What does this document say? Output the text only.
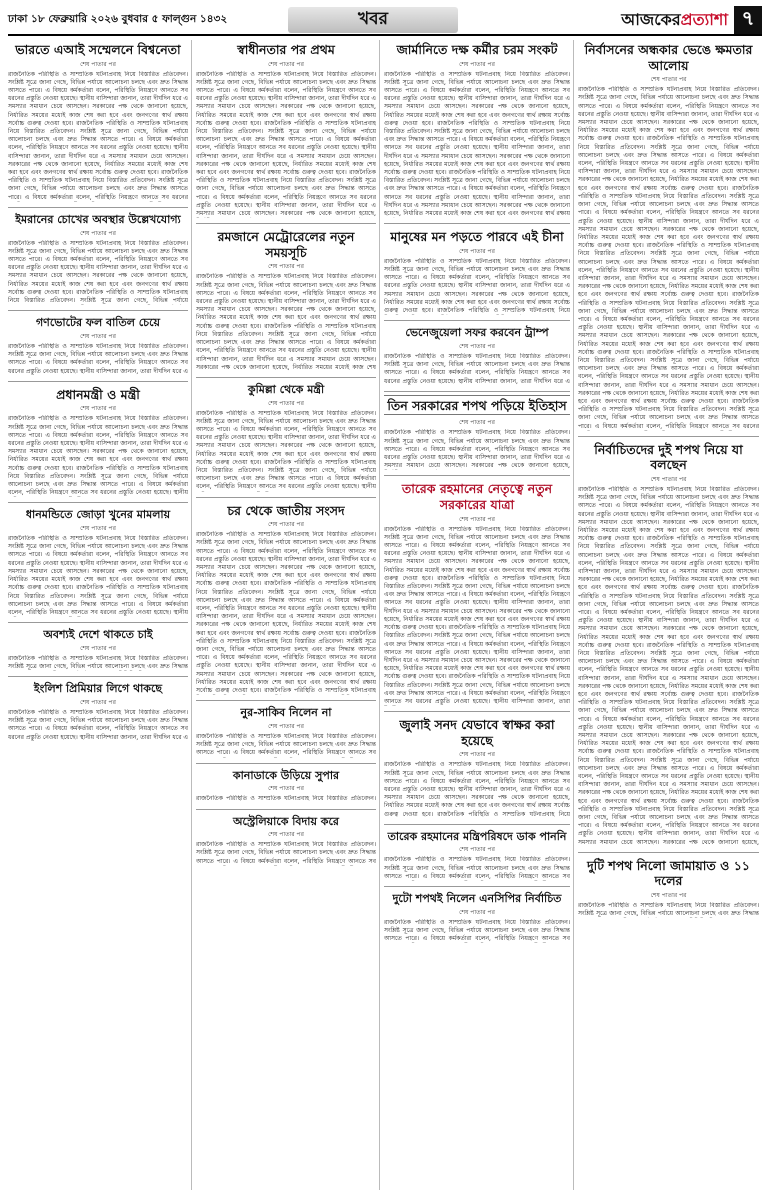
ঢাকা ১৮ ফেব্রুয়ারি ২০২৬ বুধবার ৫ ফাল্গুন ১৪৩২	খবর	আজকেরপ্রত্যাশা ৭
ভারতে এআই সম্মেলনে বিশ্বনেতা
শেষ পাতার পর
রাজনৈতিক পরিস্থিতি ও সাম্প্রতিক ঘটনাপ্রবাহ নিয়ে বিস্তারিত প্রতিবেদন। সংশ্লিষ্ট সূত্রে জানা গেছে, বিভিন্ন পর্যায়ে আলোচনা চলছে এবং দ্রুত সিদ্ধান্ত আসতে পারে। এ বিষয়ে কর্মকর্তারা বলেন, পরিস্থিতি নিয়ন্ত্রণে আনতে সব ধরনের প্রস্তুতি নেওয়া হয়েছে। স্থানীয় বাসিন্দারা জানান, তারা দীর্ঘদিন ধরে এ সমস্যার সমাধান চেয়ে আসছেন। সরকারের পক্ষ থেকে জানানো হয়েছে, নির্ধারিত সময়ের মধ্যেই কাজ শেষ করা হবে এবং জনগণের স্বার্থ রক্ষায় সর্বোচ্চ গুরুত্ব দেওয়া হবে। রাজনৈতিক পরিস্থিতি ও সাম্প্রতিক ঘটনাপ্রবাহ নিয়ে বিস্তারিত প্রতিবেদন। সংশ্লিষ্ট সূত্রে জানা গেছে, বিভিন্ন পর্যায়ে আলোচনা চলছে এবং দ্রুত সিদ্ধান্ত আসতে পারে। এ বিষয়ে কর্মকর্তারা বলেন, পরিস্থিতি নিয়ন্ত্রণে আনতে সব ধরনের প্রস্তুতি নেওয়া হয়েছে। স্থানীয় বাসিন্দারা জানান, তারা দীর্ঘদিন ধরে এ সমস্যার সমাধান চেয়ে আসছেন। সরকারের পক্ষ থেকে জানানো হয়েছে, নির্ধারিত সময়ের মধ্যেই কাজ শেষ করা হবে এবং জনগণের স্বার্থ রক্ষায় সর্বোচ্চ গুরুত্ব দেওয়া হবে। রাজনৈতিক পরিস্থিতি ও সাম্প্রতিক ঘটনাপ্রবাহ নিয়ে বিস্তারিত প্রতিবেদন। সংশ্লিষ্ট সূত্রে জানা গেছে, বিভিন্ন পর্যায়ে আলোচনা চলছে এবং দ্রুত সিদ্ধান্ত আসতে পারে। এ বিষয়ে কর্মকর্তারা বলেন, পরিস্থিতি নিয়ন্ত্রণে আনতে সব ধরনের
ইমরানের চোখের অবস্থার উল্লেখযোগ্য
শেষ পাতার পর
রাজনৈতিক পরিস্থিতি ও সাম্প্রতিক ঘটনাপ্রবাহ নিয়ে বিস্তারিত প্রতিবেদন। সংশ্লিষ্ট সূত্রে জানা গেছে, বিভিন্ন পর্যায়ে আলোচনা চলছে এবং দ্রুত সিদ্ধান্ত আসতে পারে। এ বিষয়ে কর্মকর্তারা বলেন, পরিস্থিতি নিয়ন্ত্রণে আনতে সব ধরনের প্রস্তুতি নেওয়া হয়েছে। স্থানীয় বাসিন্দারা জানান, তারা দীর্ঘদিন ধরে এ সমস্যার সমাধান চেয়ে আসছেন। সরকারের পক্ষ থেকে জানানো হয়েছে, নির্ধারিত সময়ের মধ্যেই কাজ শেষ করা হবে এবং জনগণের স্বার্থ রক্ষায় সর্বোচ্চ গুরুত্ব দেওয়া হবে। রাজনৈতিক পরিস্থিতি ও সাম্প্রতিক ঘটনাপ্রবাহ নিয়ে বিস্তারিত প্রতিবেদন। সংশ্লিষ্ট সূত্রে জানা গেছে, বিভিন্ন পর্যায়ে
গণভোটের ফল বাতিল চেয়ে
শেষ পাতার পর
রাজনৈতিক পরিস্থিতি ও সাম্প্রতিক ঘটনাপ্রবাহ নিয়ে বিস্তারিত প্রতিবেদন। সংশ্লিষ্ট সূত্রে জানা গেছে, বিভিন্ন পর্যায়ে আলোচনা চলছে এবং দ্রুত সিদ্ধান্ত আসতে পারে। এ বিষয়ে কর্মকর্তারা বলেন, পরিস্থিতি নিয়ন্ত্রণে আনতে সব ধরনের প্রস্তুতি নেওয়া হয়েছে। স্থানীয় বাসিন্দারা জানান, তারা দীর্ঘদিন ধরে এ
প্রধানমন্ত্রী ও মন্ত্রী
শেষ পাতার পর
রাজনৈতিক পরিস্থিতি ও সাম্প্রতিক ঘটনাপ্রবাহ নিয়ে বিস্তারিত প্রতিবেদন। সংশ্লিষ্ট সূত্রে জানা গেছে, বিভিন্ন পর্যায়ে আলোচনা চলছে এবং দ্রুত সিদ্ধান্ত আসতে পারে। এ বিষয়ে কর্মকর্তারা বলেন, পরিস্থিতি নিয়ন্ত্রণে আনতে সব ধরনের প্রস্তুতি নেওয়া হয়েছে। স্থানীয় বাসিন্দারা জানান, তারা দীর্ঘদিন ধরে এ সমস্যার সমাধান চেয়ে আসছেন। সরকারের পক্ষ থেকে জানানো হয়েছে, নির্ধারিত সময়ের মধ্যেই কাজ শেষ করা হবে এবং জনগণের স্বার্থ রক্ষায় সর্বোচ্চ গুরুত্ব দেওয়া হবে। রাজনৈতিক পরিস্থিতি ও সাম্প্রতিক ঘটনাপ্রবাহ নিয়ে বিস্তারিত প্রতিবেদন। সংশ্লিষ্ট সূত্রে জানা গেছে, বিভিন্ন পর্যায়ে আলোচনা চলছে এবং দ্রুত সিদ্ধান্ত আসতে পারে। এ বিষয়ে কর্মকর্তারা বলেন, পরিস্থিতি নিয়ন্ত্রণে আনতে সব ধরনের প্রস্তুতি নেওয়া হয়েছে। স্থানীয়
ধানমন্ডিতে জোড়া খুনের মামলায়
শেষ পাতার পর
রাজনৈতিক পরিস্থিতি ও সাম্প্রতিক ঘটনাপ্রবাহ নিয়ে বিস্তারিত প্রতিবেদন। সংশ্লিষ্ট সূত্রে জানা গেছে, বিভিন্ন পর্যায়ে আলোচনা চলছে এবং দ্রুত সিদ্ধান্ত আসতে পারে। এ বিষয়ে কর্মকর্তারা বলেন, পরিস্থিতি নিয়ন্ত্রণে আনতে সব ধরনের প্রস্তুতি নেওয়া হয়েছে। স্থানীয় বাসিন্দারা জানান, তারা দীর্ঘদিন ধরে এ সমস্যার সমাধান চেয়ে আসছেন। সরকারের পক্ষ থেকে জানানো হয়েছে, নির্ধারিত সময়ের মধ্যেই কাজ শেষ করা হবে এবং জনগণের স্বার্থ রক্ষায় সর্বোচ্চ গুরুত্ব দেওয়া হবে। রাজনৈতিক পরিস্থিতি ও সাম্প্রতিক ঘটনাপ্রবাহ নিয়ে বিস্তারিত প্রতিবেদন। সংশ্লিষ্ট সূত্রে জানা গেছে, বিভিন্ন পর্যায়ে আলোচনা চলছে এবং দ্রুত সিদ্ধান্ত আসতে পারে। এ বিষয়ে কর্মকর্তারা বলেন, পরিস্থিতি নিয়ন্ত্রণে আনতে সব ধরনের প্রস্তুতি নেওয়া হয়েছে। স্থানীয়
অবশ্যই দেশে থাকতে চাই
শেষ পাতার পর
রাজনৈতিক পরিস্থিতি ও সাম্প্রতিক ঘটনাপ্রবাহ নিয়ে বিস্তারিত প্রতিবেদন। সংশ্লিষ্ট সূত্রে জানা গেছে, বিভিন্ন পর্যায়ে আলোচনা চলছে এবং দ্রুত সিদ্ধান্ত
ইংলিশ প্রিমিয়ার লিগে থাকছে
শেষ পাতার পর
রাজনৈতিক পরিস্থিতি ও সাম্প্রতিক ঘটনাপ্রবাহ নিয়ে বিস্তারিত প্রতিবেদন। সংশ্লিষ্ট সূত্রে জানা গেছে, বিভিন্ন পর্যায়ে আলোচনা চলছে এবং দ্রুত সিদ্ধান্ত আসতে পারে। এ বিষয়ে কর্মকর্তারা বলেন, পরিস্থিতি নিয়ন্ত্রণে আনতে সব ধরনের প্রস্তুতি নেওয়া হয়েছে। স্থানীয় বাসিন্দারা জানান, তারা দীর্ঘদিন ধরে এ
স্বাধীনতার পর প্রথম
শেষ পাতার পর
রাজনৈতিক পরিস্থিতি ও সাম্প্রতিক ঘটনাপ্রবাহ নিয়ে বিস্তারিত প্রতিবেদন। সংশ্লিষ্ট সূত্রে জানা গেছে, বিভিন্ন পর্যায়ে আলোচনা চলছে এবং দ্রুত সিদ্ধান্ত আসতে পারে। এ বিষয়ে কর্মকর্তারা বলেন, পরিস্থিতি নিয়ন্ত্রণে আনতে সব ধরনের প্রস্তুতি নেওয়া হয়েছে। স্থানীয় বাসিন্দারা জানান, তারা দীর্ঘদিন ধরে এ সমস্যার সমাধান চেয়ে আসছেন। সরকারের পক্ষ থেকে জানানো হয়েছে, নির্ধারিত সময়ের মধ্যেই কাজ শেষ করা হবে এবং জনগণের স্বার্থ রক্ষায় সর্বোচ্চ গুরুত্ব দেওয়া হবে। রাজনৈতিক পরিস্থিতি ও সাম্প্রতিক ঘটনাপ্রবাহ নিয়ে বিস্তারিত প্রতিবেদন। সংশ্লিষ্ট সূত্রে জানা গেছে, বিভিন্ন পর্যায়ে আলোচনা চলছে এবং দ্রুত সিদ্ধান্ত আসতে পারে। এ বিষয়ে কর্মকর্তারা বলেন, পরিস্থিতি নিয়ন্ত্রণে আনতে সব ধরনের প্রস্তুতি নেওয়া হয়েছে। স্থানীয় বাসিন্দারা জানান, তারা দীর্ঘদিন ধরে এ সমস্যার সমাধান চেয়ে আসছেন। সরকারের পক্ষ থেকে জানানো হয়েছে, নির্ধারিত সময়ের মধ্যেই কাজ শেষ করা হবে এবং জনগণের স্বার্থ রক্ষায় সর্বোচ্চ গুরুত্ব দেওয়া হবে। রাজনৈতিক পরিস্থিতি ও সাম্প্রতিক ঘটনাপ্রবাহ নিয়ে বিস্তারিত প্রতিবেদন। সংশ্লিষ্ট সূত্রে জানা গেছে, বিভিন্ন পর্যায়ে আলোচনা চলছে এবং দ্রুত সিদ্ধান্ত আসতে পারে। এ বিষয়ে কর্মকর্তারা বলেন, পরিস্থিতি নিয়ন্ত্রণে আনতে সব ধরনের প্রস্তুতি নেওয়া হয়েছে। স্থানীয় বাসিন্দারা জানান, তারা দীর্ঘদিন ধরে এ সমস্যার সমাধান চেয়ে আসছেন। সরকারের পক্ষ থেকে জানানো হয়েছে,
রমজানে মেট্রোরেলের নতুন সময়সূচি
শেষ পাতার পর
রাজনৈতিক পরিস্থিতি ও সাম্প্রতিক ঘটনাপ্রবাহ নিয়ে বিস্তারিত প্রতিবেদন। সংশ্লিষ্ট সূত্রে জানা গেছে, বিভিন্ন পর্যায়ে আলোচনা চলছে এবং দ্রুত সিদ্ধান্ত আসতে পারে। এ বিষয়ে কর্মকর্তারা বলেন, পরিস্থিতি নিয়ন্ত্রণে আনতে সব ধরনের প্রস্তুতি নেওয়া হয়েছে। স্থানীয় বাসিন্দারা জানান, তারা দীর্ঘদিন ধরে এ সমস্যার সমাধান চেয়ে আসছেন। সরকারের পক্ষ থেকে জানানো হয়েছে, নির্ধারিত সময়ের মধ্যেই কাজ শেষ করা হবে এবং জনগণের স্বার্থ রক্ষায় সর্বোচ্চ গুরুত্ব দেওয়া হবে। রাজনৈতিক পরিস্থিতি ও সাম্প্রতিক ঘটনাপ্রবাহ নিয়ে বিস্তারিত প্রতিবেদন। সংশ্লিষ্ট সূত্রে জানা গেছে, বিভিন্ন পর্যায়ে আলোচনা চলছে এবং দ্রুত সিদ্ধান্ত আসতে পারে। এ বিষয়ে কর্মকর্তারা বলেন, পরিস্থিতি নিয়ন্ত্রণে আনতে সব ধরনের প্রস্তুতি নেওয়া হয়েছে। স্থানীয় বাসিন্দারা জানান, তারা দীর্ঘদিন ধরে এ সমস্যার সমাধান চেয়ে আসছেন। সরকারের পক্ষ থেকে জানানো হয়েছে, নির্ধারিত সময়ের মধ্যেই কাজ শেষ
কুমিল্লা থেকে মন্ত্রী
শেষ পাতার পর
রাজনৈতিক পরিস্থিতি ও সাম্প্রতিক ঘটনাপ্রবাহ নিয়ে বিস্তারিত প্রতিবেদন। সংশ্লিষ্ট সূত্রে জানা গেছে, বিভিন্ন পর্যায়ে আলোচনা চলছে এবং দ্রুত সিদ্ধান্ত আসতে পারে। এ বিষয়ে কর্মকর্তারা বলেন, পরিস্থিতি নিয়ন্ত্রণে আনতে সব ধরনের প্রস্তুতি নেওয়া হয়েছে। স্থানীয় বাসিন্দারা জানান, তারা দীর্ঘদিন ধরে এ সমস্যার সমাধান চেয়ে আসছেন। সরকারের পক্ষ থেকে জানানো হয়েছে, নির্ধারিত সময়ের মধ্যেই কাজ শেষ করা হবে এবং জনগণের স্বার্থ রক্ষায় সর্বোচ্চ গুরুত্ব দেওয়া হবে। রাজনৈতিক পরিস্থিতি ও সাম্প্রতিক ঘটনাপ্রবাহ নিয়ে বিস্তারিত প্রতিবেদন। সংশ্লিষ্ট সূত্রে জানা গেছে, বিভিন্ন পর্যায়ে আলোচনা চলছে এবং দ্রুত সিদ্ধান্ত আসতে পারে। এ বিষয়ে কর্মকর্তারা বলেন, পরিস্থিতি নিয়ন্ত্রণে আনতে সব ধরনের প্রস্তুতি নেওয়া হয়েছে। স্থানীয়
চর থেকে জাতীয় সংসদ
শেষ পাতার পর
রাজনৈতিক পরিস্থিতি ও সাম্প্রতিক ঘটনাপ্রবাহ নিয়ে বিস্তারিত প্রতিবেদন। সংশ্লিষ্ট সূত্রে জানা গেছে, বিভিন্ন পর্যায়ে আলোচনা চলছে এবং দ্রুত সিদ্ধান্ত আসতে পারে। এ বিষয়ে কর্মকর্তারা বলেন, পরিস্থিতি নিয়ন্ত্রণে আনতে সব ধরনের প্রস্তুতি নেওয়া হয়েছে। স্থানীয় বাসিন্দারা জানান, তারা দীর্ঘদিন ধরে এ সমস্যার সমাধান চেয়ে আসছেন। সরকারের পক্ষ থেকে জানানো হয়েছে, নির্ধারিত সময়ের মধ্যেই কাজ শেষ করা হবে এবং জনগণের স্বার্থ রক্ষায় সর্বোচ্চ গুরুত্ব দেওয়া হবে। রাজনৈতিক পরিস্থিতি ও সাম্প্রতিক ঘটনাপ্রবাহ নিয়ে বিস্তারিত প্রতিবেদন। সংশ্লিষ্ট সূত্রে জানা গেছে, বিভিন্ন পর্যায়ে আলোচনা চলছে এবং দ্রুত সিদ্ধান্ত আসতে পারে। এ বিষয়ে কর্মকর্তারা বলেন, পরিস্থিতি নিয়ন্ত্রণে আনতে সব ধরনের প্রস্তুতি নেওয়া হয়েছে। স্থানীয় বাসিন্দারা জানান, তারা দীর্ঘদিন ধরে এ সমস্যার সমাধান চেয়ে আসছেন। সরকারের পক্ষ থেকে জানানো হয়েছে, নির্ধারিত সময়ের মধ্যেই কাজ শেষ করা হবে এবং জনগণের স্বার্থ রক্ষায় সর্বোচ্চ গুরুত্ব দেওয়া হবে। রাজনৈতিক পরিস্থিতি ও সাম্প্রতিক ঘটনাপ্রবাহ নিয়ে বিস্তারিত প্রতিবেদন। সংশ্লিষ্ট সূত্রে জানা গেছে, বিভিন্ন পর্যায়ে আলোচনা চলছে এবং দ্রুত সিদ্ধান্ত আসতে পারে। এ বিষয়ে কর্মকর্তারা বলেন, পরিস্থিতি নিয়ন্ত্রণে আনতে সব ধরনের প্রস্তুতি নেওয়া হয়েছে। স্থানীয় বাসিন্দারা জানান, তারা দীর্ঘদিন ধরে এ সমস্যার সমাধান চেয়ে আসছেন। সরকারের পক্ষ থেকে জানানো হয়েছে, নির্ধারিত সময়ের মধ্যেই কাজ শেষ করা হবে এবং জনগণের স্বার্থ রক্ষায় সর্বোচ্চ গুরুত্ব দেওয়া হবে। রাজনৈতিক পরিস্থিতি ও সাম্প্রতিক ঘটনাপ্রবাহ
নুর-সাকিব নিলেন না
শেষ পাতার পর
রাজনৈতিক পরিস্থিতি ও সাম্প্রতিক ঘটনাপ্রবাহ নিয়ে বিস্তারিত প্রতিবেদন। সংশ্লিষ্ট সূত্রে জানা গেছে, বিভিন্ন পর্যায়ে আলোচনা চলছে এবং দ্রুত সিদ্ধান্ত আসতে পারে। এ বিষয়ে কর্মকর্তারা বলেন, পরিস্থিতি নিয়ন্ত্রণে আনতে সব
কানাডাকে উড়িয়ে সুপার
শেষ পাতার পর
রাজনৈতিক পরিস্থিতি ও সাম্প্রতিক ঘটনাপ্রবাহ নিয়ে বিস্তারিত প্রতিবেদন।
অস্ট্রেলিয়াকে বিদায় করে
শেষ পাতার পর
রাজনৈতিক পরিস্থিতি ও সাম্প্রতিক ঘটনাপ্রবাহ নিয়ে বিস্তারিত প্রতিবেদন। সংশ্লিষ্ট সূত্রে জানা গেছে, বিভিন্ন পর্যায়ে আলোচনা চলছে এবং দ্রুত সিদ্ধান্ত আসতে পারে। এ বিষয়ে কর্মকর্তারা বলেন, পরিস্থিতি নিয়ন্ত্রণে আনতে সব
জার্মানিতে দক্ষ কর্মীর চরম সংকট
শেষ পাতার পর
রাজনৈতিক পরিস্থিতি ও সাম্প্রতিক ঘটনাপ্রবাহ নিয়ে বিস্তারিত প্রতিবেদন। সংশ্লিষ্ট সূত্রে জানা গেছে, বিভিন্ন পর্যায়ে আলোচনা চলছে এবং দ্রুত সিদ্ধান্ত আসতে পারে। এ বিষয়ে কর্মকর্তারা বলেন, পরিস্থিতি নিয়ন্ত্রণে আনতে সব ধরনের প্রস্তুতি নেওয়া হয়েছে। স্থানীয় বাসিন্দারা জানান, তারা দীর্ঘদিন ধরে এ সমস্যার সমাধান চেয়ে আসছেন। সরকারের পক্ষ থেকে জানানো হয়েছে, নির্ধারিত সময়ের মধ্যেই কাজ শেষ করা হবে এবং জনগণের স্বার্থ রক্ষায় সর্বোচ্চ গুরুত্ব দেওয়া হবে। রাজনৈতিক পরিস্থিতি ও সাম্প্রতিক ঘটনাপ্রবাহ নিয়ে বিস্তারিত প্রতিবেদন। সংশ্লিষ্ট সূত্রে জানা গেছে, বিভিন্ন পর্যায়ে আলোচনা চলছে এবং দ্রুত সিদ্ধান্ত আসতে পারে। এ বিষয়ে কর্মকর্তারা বলেন, পরিস্থিতি নিয়ন্ত্রণে আনতে সব ধরনের প্রস্তুতি নেওয়া হয়েছে। স্থানীয় বাসিন্দারা জানান, তারা দীর্ঘদিন ধরে এ সমস্যার সমাধান চেয়ে আসছেন। সরকারের পক্ষ থেকে জানানো হয়েছে, নির্ধারিত সময়ের মধ্যেই কাজ শেষ করা হবে এবং জনগণের স্বার্থ রক্ষায় সর্বোচ্চ গুরুত্ব দেওয়া হবে। রাজনৈতিক পরিস্থিতি ও সাম্প্রতিক ঘটনাপ্রবাহ নিয়ে বিস্তারিত প্রতিবেদন। সংশ্লিষ্ট সূত্রে জানা গেছে, বিভিন্ন পর্যায়ে আলোচনা চলছে এবং দ্রুত সিদ্ধান্ত আসতে পারে। এ বিষয়ে কর্মকর্তারা বলেন, পরিস্থিতি নিয়ন্ত্রণে আনতে সব ধরনের প্রস্তুতি নেওয়া হয়েছে। স্থানীয় বাসিন্দারা জানান, তারা দীর্ঘদিন ধরে এ সমস্যার সমাধান চেয়ে আসছেন। সরকারের পক্ষ থেকে জানানো হয়েছে, নির্ধারিত সময়ের মধ্যেই কাজ শেষ করা হবে এবং জনগণের স্বার্থ রক্ষায়
মানুষের মন পড়তে পারবে এই চীনা
শেষ পাতার পর
রাজনৈতিক পরিস্থিতি ও সাম্প্রতিক ঘটনাপ্রবাহ নিয়ে বিস্তারিত প্রতিবেদন। সংশ্লিষ্ট সূত্রে জানা গেছে, বিভিন্ন পর্যায়ে আলোচনা চলছে এবং দ্রুত সিদ্ধান্ত আসতে পারে। এ বিষয়ে কর্মকর্তারা বলেন, পরিস্থিতি নিয়ন্ত্রণে আনতে সব ধরনের প্রস্তুতি নেওয়া হয়েছে। স্থানীয় বাসিন্দারা জানান, তারা দীর্ঘদিন ধরে এ সমস্যার সমাধান চেয়ে আসছেন। সরকারের পক্ষ থেকে জানানো হয়েছে, নির্ধারিত সময়ের মধ্যেই কাজ শেষ করা হবে এবং জনগণের স্বার্থ রক্ষায় সর্বোচ্চ গুরুত্ব দেওয়া হবে। রাজনৈতিক পরিস্থিতি ও সাম্প্রতিক ঘটনাপ্রবাহ নিয়ে
ভেনেজুয়েলা সফর করবেন ট্রাম্প
শেষ পাতার পর
রাজনৈতিক পরিস্থিতি ও সাম্প্রতিক ঘটনাপ্রবাহ নিয়ে বিস্তারিত প্রতিবেদন। সংশ্লিষ্ট সূত্রে জানা গেছে, বিভিন্ন পর্যায়ে আলোচনা চলছে এবং দ্রুত সিদ্ধান্ত আসতে পারে। এ বিষয়ে কর্মকর্তারা বলেন, পরিস্থিতি নিয়ন্ত্রণে আনতে সব ধরনের প্রস্তুতি নেওয়া হয়েছে। স্থানীয় বাসিন্দারা জানান, তারা দীর্ঘদিন ধরে এ
তিন সরকারের শপথ পড়িয়ে ইতিহাস
শেষ পাতার পর
রাজনৈতিক পরিস্থিতি ও সাম্প্রতিক ঘটনাপ্রবাহ নিয়ে বিস্তারিত প্রতিবেদন। সংশ্লিষ্ট সূত্রে জানা গেছে, বিভিন্ন পর্যায়ে আলোচনা চলছে এবং দ্রুত সিদ্ধান্ত আসতে পারে। এ বিষয়ে কর্মকর্তারা বলেন, পরিস্থিতি নিয়ন্ত্রণে আনতে সব ধরনের প্রস্তুতি নেওয়া হয়েছে। স্থানীয় বাসিন্দারা জানান, তারা দীর্ঘদিন ধরে এ সমস্যার সমাধান চেয়ে আসছেন। সরকারের পক্ষ থেকে জানানো হয়েছে,
তারেক রহমানের নেতৃত্বে নতুন সরকারের যাত্রা
শেষ পাতার পর
রাজনৈতিক পরিস্থিতি ও সাম্প্রতিক ঘটনাপ্রবাহ নিয়ে বিস্তারিত প্রতিবেদন। সংশ্লিষ্ট সূত্রে জানা গেছে, বিভিন্ন পর্যায়ে আলোচনা চলছে এবং দ্রুত সিদ্ধান্ত আসতে পারে। এ বিষয়ে কর্মকর্তারা বলেন, পরিস্থিতি নিয়ন্ত্রণে আনতে সব ধরনের প্রস্তুতি নেওয়া হয়েছে। স্থানীয় বাসিন্দারা জানান, তারা দীর্ঘদিন ধরে এ সমস্যার সমাধান চেয়ে আসছেন। সরকারের পক্ষ থেকে জানানো হয়েছে, নির্ধারিত সময়ের মধ্যেই কাজ শেষ করা হবে এবং জনগণের স্বার্থ রক্ষায় সর্বোচ্চ গুরুত্ব দেওয়া হবে। রাজনৈতিক পরিস্থিতি ও সাম্প্রতিক ঘটনাপ্রবাহ নিয়ে বিস্তারিত প্রতিবেদন। সংশ্লিষ্ট সূত্রে জানা গেছে, বিভিন্ন পর্যায়ে আলোচনা চলছে এবং দ্রুত সিদ্ধান্ত আসতে পারে। এ বিষয়ে কর্মকর্তারা বলেন, পরিস্থিতি নিয়ন্ত্রণে আনতে সব ধরনের প্রস্তুতি নেওয়া হয়েছে। স্থানীয় বাসিন্দারা জানান, তারা দীর্ঘদিন ধরে এ সমস্যার সমাধান চেয়ে আসছেন। সরকারের পক্ষ থেকে জানানো হয়েছে, নির্ধারিত সময়ের মধ্যেই কাজ শেষ করা হবে এবং জনগণের স্বার্থ রক্ষায় সর্বোচ্চ গুরুত্ব দেওয়া হবে। রাজনৈতিক পরিস্থিতি ও সাম্প্রতিক ঘটনাপ্রবাহ নিয়ে বিস্তারিত প্রতিবেদন। সংশ্লিষ্ট সূত্রে জানা গেছে, বিভিন্ন পর্যায়ে আলোচনা চলছে এবং দ্রুত সিদ্ধান্ত আসতে পারে। এ বিষয়ে কর্মকর্তারা বলেন, পরিস্থিতি নিয়ন্ত্রণে আনতে সব ধরনের প্রস্তুতি নেওয়া হয়েছে। স্থানীয় বাসিন্দারা জানান, তারা দীর্ঘদিন ধরে এ সমস্যার সমাধান চেয়ে আসছেন। সরকারের পক্ষ থেকে জানানো হয়েছে, নির্ধারিত সময়ের মধ্যেই কাজ শেষ করা হবে এবং জনগণের স্বার্থ রক্ষায় সর্বোচ্চ গুরুত্ব দেওয়া হবে। রাজনৈতিক পরিস্থিতি ও সাম্প্রতিক ঘটনাপ্রবাহ নিয়ে বিস্তারিত প্রতিবেদন। সংশ্লিষ্ট সূত্রে জানা গেছে, বিভিন্ন পর্যায়ে আলোচনা চলছে এবং দ্রুত সিদ্ধান্ত আসতে পারে। এ বিষয়ে কর্মকর্তারা বলেন, পরিস্থিতি নিয়ন্ত্রণে আনতে সব ধরনের প্রস্তুতি নেওয়া হয়েছে। স্থানীয় বাসিন্দারা জানান, তারা
জুলাই সনদ যেভাবে স্বাক্ষর করা হয়েছে
শেষ পাতার পর
রাজনৈতিক পরিস্থিতি ও সাম্প্রতিক ঘটনাপ্রবাহ নিয়ে বিস্তারিত প্রতিবেদন। সংশ্লিষ্ট সূত্রে জানা গেছে, বিভিন্ন পর্যায়ে আলোচনা চলছে এবং দ্রুত সিদ্ধান্ত আসতে পারে। এ বিষয়ে কর্মকর্তারা বলেন, পরিস্থিতি নিয়ন্ত্রণে আনতে সব ধরনের প্রস্তুতি নেওয়া হয়েছে। স্থানীয় বাসিন্দারা জানান, তারা দীর্ঘদিন ধরে এ সমস্যার সমাধান চেয়ে আসছেন। সরকারের পক্ষ থেকে জানানো হয়েছে, নির্ধারিত সময়ের মধ্যেই কাজ শেষ করা হবে এবং জনগণের স্বার্থ রক্ষায় সর্বোচ্চ গুরুত্ব দেওয়া হবে। রাজনৈতিক পরিস্থিতি ও সাম্প্রতিক ঘটনাপ্রবাহ নিয়ে
তারেক রহমানের মন্ত্রিপরিষদে ডাক পাননি
শেষ পাতার পর
রাজনৈতিক পরিস্থিতি ও সাম্প্রতিক ঘটনাপ্রবাহ নিয়ে বিস্তারিত প্রতিবেদন। সংশ্লিষ্ট সূত্রে জানা গেছে, বিভিন্ন পর্যায়ে আলোচনা চলছে এবং দ্রুত সিদ্ধান্ত আসতে পারে। এ বিষয়ে কর্মকর্তারা বলেন, পরিস্থিতি নিয়ন্ত্রণে আনতে সব
দুটো শপথই নিলেন এনসিপির নির্বাচিত
শেষ পাতার পর
রাজনৈতিক পরিস্থিতি ও সাম্প্রতিক ঘটনাপ্রবাহ নিয়ে বিস্তারিত প্রতিবেদন। সংশ্লিষ্ট সূত্রে জানা গেছে, বিভিন্ন পর্যায়ে আলোচনা চলছে এবং দ্রুত সিদ্ধান্ত আসতে পারে। এ বিষয়ে কর্মকর্তারা বলেন, পরিস্থিতি নিয়ন্ত্রণে আনতে সব
নির্বাসনের অন্ধকার ভেঙে ক্ষমতার আলোয়
শেষ পাতার পর
রাজনৈতিক পরিস্থিতি ও সাম্প্রতিক ঘটনাপ্রবাহ নিয়ে বিস্তারিত প্রতিবেদন। সংশ্লিষ্ট সূত্রে জানা গেছে, বিভিন্ন পর্যায়ে আলোচনা চলছে এবং দ্রুত সিদ্ধান্ত আসতে পারে। এ বিষয়ে কর্মকর্তারা বলেন, পরিস্থিতি নিয়ন্ত্রণে আনতে সব ধরনের প্রস্তুতি নেওয়া হয়েছে। স্থানীয় বাসিন্দারা জানান, তারা দীর্ঘদিন ধরে এ সমস্যার সমাধান চেয়ে আসছেন। সরকারের পক্ষ থেকে জানানো হয়েছে, নির্ধারিত সময়ের মধ্যেই কাজ শেষ করা হবে এবং জনগণের স্বার্থ রক্ষায় সর্বোচ্চ গুরুত্ব দেওয়া হবে। রাজনৈতিক পরিস্থিতি ও সাম্প্রতিক ঘটনাপ্রবাহ নিয়ে বিস্তারিত প্রতিবেদন। সংশ্লিষ্ট সূত্রে জানা গেছে, বিভিন্ন পর্যায়ে আলোচনা চলছে এবং দ্রুত সিদ্ধান্ত আসতে পারে। এ বিষয়ে কর্মকর্তারা বলেন, পরিস্থিতি নিয়ন্ত্রণে আনতে সব ধরনের প্রস্তুতি নেওয়া হয়েছে। স্থানীয় বাসিন্দারা জানান, তারা দীর্ঘদিন ধরে এ সমস্যার সমাধান চেয়ে আসছেন। সরকারের পক্ষ থেকে জানানো হয়েছে, নির্ধারিত সময়ের মধ্যেই কাজ শেষ করা হবে এবং জনগণের স্বার্থ রক্ষায় সর্বোচ্চ গুরুত্ব দেওয়া হবে। রাজনৈতিক পরিস্থিতি ও সাম্প্রতিক ঘটনাপ্রবাহ নিয়ে বিস্তারিত প্রতিবেদন। সংশ্লিষ্ট সূত্রে জানা গেছে, বিভিন্ন পর্যায়ে আলোচনা চলছে এবং দ্রুত সিদ্ধান্ত আসতে পারে। এ বিষয়ে কর্মকর্তারা বলেন, পরিস্থিতি নিয়ন্ত্রণে আনতে সব ধরনের প্রস্তুতি নেওয়া হয়েছে। স্থানীয় বাসিন্দারা জানান, তারা দীর্ঘদিন ধরে এ সমস্যার সমাধান চেয়ে আসছেন। সরকারের পক্ষ থেকে জানানো হয়েছে, নির্ধারিত সময়ের মধ্যেই কাজ শেষ করা হবে এবং জনগণের স্বার্থ রক্ষায় সর্বোচ্চ গুরুত্ব দেওয়া হবে। রাজনৈতিক পরিস্থিতি ও সাম্প্রতিক ঘটনাপ্রবাহ নিয়ে বিস্তারিত প্রতিবেদন। সংশ্লিষ্ট সূত্রে জানা গেছে, বিভিন্ন পর্যায়ে আলোচনা চলছে এবং দ্রুত সিদ্ধান্ত আসতে পারে। এ বিষয়ে কর্মকর্তারা বলেন, পরিস্থিতি নিয়ন্ত্রণে আনতে সব ধরনের প্রস্তুতি নেওয়া হয়েছে। স্থানীয় বাসিন্দারা জানান, তারা দীর্ঘদিন ধরে এ সমস্যার সমাধান চেয়ে আসছেন। সরকারের পক্ষ থেকে জানানো হয়েছে, নির্ধারিত সময়ের মধ্যেই কাজ শেষ করা হবে এবং জনগণের স্বার্থ রক্ষায় সর্বোচ্চ গুরুত্ব দেওয়া হবে। রাজনৈতিক পরিস্থিতি ও সাম্প্রতিক ঘটনাপ্রবাহ নিয়ে বিস্তারিত প্রতিবেদন। সংশ্লিষ্ট সূত্রে জানা গেছে, বিভিন্ন পর্যায়ে আলোচনা চলছে এবং দ্রুত সিদ্ধান্ত আসতে পারে। এ বিষয়ে কর্মকর্তারা বলেন, পরিস্থিতি নিয়ন্ত্রণে আনতে সব ধরনের প্রস্তুতি নেওয়া হয়েছে। স্থানীয় বাসিন্দারা জানান, তারা দীর্ঘদিন ধরে এ সমস্যার সমাধান চেয়ে আসছেন। সরকারের পক্ষ থেকে জানানো হয়েছে, নির্ধারিত সময়ের মধ্যেই কাজ শেষ করা হবে এবং জনগণের স্বার্থ রক্ষায় সর্বোচ্চ গুরুত্ব দেওয়া হবে। রাজনৈতিক পরিস্থিতি ও সাম্প্রতিক ঘটনাপ্রবাহ নিয়ে বিস্তারিত প্রতিবেদন। সংশ্লিষ্ট সূত্রে জানা গেছে, বিভিন্ন পর্যায়ে আলোচনা চলছে এবং দ্রুত সিদ্ধান্ত আসতে পারে। এ বিষয়ে কর্মকর্তারা বলেন, পরিস্থিতি নিয়ন্ত্রণে আনতে সব ধরনের প্রস্তুতি নেওয়া হয়েছে। স্থানীয় বাসিন্দারা জানান, তারা দীর্ঘদিন ধরে এ সমস্যার সমাধান চেয়ে আসছেন। সরকারের পক্ষ থেকে জানানো হয়েছে, নির্ধারিত সময়ের মধ্যেই কাজ শেষ করা হবে এবং জনগণের স্বার্থ রক্ষায় সর্বোচ্চ গুরুত্ব দেওয়া হবে। রাজনৈতিক পরিস্থিতি ও সাম্প্রতিক ঘটনাপ্রবাহ নিয়ে বিস্তারিত প্রতিবেদন। সংশ্লিষ্ট সূত্রে জানা গেছে, বিভিন্ন পর্যায়ে আলোচনা চলছে এবং দ্রুত সিদ্ধান্ত আসতে পারে। এ বিষয়ে কর্মকর্তারা বলেন, পরিস্থিতি নিয়ন্ত্রণে আনতে সব ধরনের
নির্বাচিতদের দুই শপথ নিয়ে যা বলছেন
শেষ পাতার পর
রাজনৈতিক পরিস্থিতি ও সাম্প্রতিক ঘটনাপ্রবাহ নিয়ে বিস্তারিত প্রতিবেদন। সংশ্লিষ্ট সূত্রে জানা গেছে, বিভিন্ন পর্যায়ে আলোচনা চলছে এবং দ্রুত সিদ্ধান্ত আসতে পারে। এ বিষয়ে কর্মকর্তারা বলেন, পরিস্থিতি নিয়ন্ত্রণে আনতে সব ধরনের প্রস্তুতি নেওয়া হয়েছে। স্থানীয় বাসিন্দারা জানান, তারা দীর্ঘদিন ধরে এ সমস্যার সমাধান চেয়ে আসছেন। সরকারের পক্ষ থেকে জানানো হয়েছে, নির্ধারিত সময়ের মধ্যেই কাজ শেষ করা হবে এবং জনগণের স্বার্থ রক্ষায় সর্বোচ্চ গুরুত্ব দেওয়া হবে। রাজনৈতিক পরিস্থিতি ও সাম্প্রতিক ঘটনাপ্রবাহ নিয়ে বিস্তারিত প্রতিবেদন। সংশ্লিষ্ট সূত্রে জানা গেছে, বিভিন্ন পর্যায়ে আলোচনা চলছে এবং দ্রুত সিদ্ধান্ত আসতে পারে। এ বিষয়ে কর্মকর্তারা বলেন, পরিস্থিতি নিয়ন্ত্রণে আনতে সব ধরনের প্রস্তুতি নেওয়া হয়েছে। স্থানীয় বাসিন্দারা জানান, তারা দীর্ঘদিন ধরে এ সমস্যার সমাধান চেয়ে আসছেন। সরকারের পক্ষ থেকে জানানো হয়েছে, নির্ধারিত সময়ের মধ্যেই কাজ শেষ করা হবে এবং জনগণের স্বার্থ রক্ষায় সর্বোচ্চ গুরুত্ব দেওয়া হবে। রাজনৈতিক পরিস্থিতি ও সাম্প্রতিক ঘটনাপ্রবাহ নিয়ে বিস্তারিত প্রতিবেদন। সংশ্লিষ্ট সূত্রে জানা গেছে, বিভিন্ন পর্যায়ে আলোচনা চলছে এবং দ্রুত সিদ্ধান্ত আসতে পারে। এ বিষয়ে কর্মকর্তারা বলেন, পরিস্থিতি নিয়ন্ত্রণে আনতে সব ধরনের প্রস্তুতি নেওয়া হয়েছে। স্থানীয় বাসিন্দারা জানান, তারা দীর্ঘদিন ধরে এ সমস্যার সমাধান চেয়ে আসছেন। সরকারের পক্ষ থেকে জানানো হয়েছে, নির্ধারিত সময়ের মধ্যেই কাজ শেষ করা হবে এবং জনগণের স্বার্থ রক্ষায় সর্বোচ্চ গুরুত্ব দেওয়া হবে। রাজনৈতিক পরিস্থিতি ও সাম্প্রতিক ঘটনাপ্রবাহ নিয়ে বিস্তারিত প্রতিবেদন। সংশ্লিষ্ট সূত্রে জানা গেছে, বিভিন্ন পর্যায়ে আলোচনা চলছে এবং দ্রুত সিদ্ধান্ত আসতে পারে। এ বিষয়ে কর্মকর্তারা বলেন, পরিস্থিতি নিয়ন্ত্রণে আনতে সব ধরনের প্রস্তুতি নেওয়া হয়েছে। স্থানীয় বাসিন্দারা জানান, তারা দীর্ঘদিন ধরে এ সমস্যার সমাধান চেয়ে আসছেন। সরকারের পক্ষ থেকে জানানো হয়েছে, নির্ধারিত সময়ের মধ্যেই কাজ শেষ করা হবে এবং জনগণের স্বার্থ রক্ষায় সর্বোচ্চ গুরুত্ব দেওয়া হবে। রাজনৈতিক পরিস্থিতি ও সাম্প্রতিক ঘটনাপ্রবাহ নিয়ে বিস্তারিত প্রতিবেদন। সংশ্লিষ্ট সূত্রে জানা গেছে, বিভিন্ন পর্যায়ে আলোচনা চলছে এবং দ্রুত সিদ্ধান্ত আসতে পারে। এ বিষয়ে কর্মকর্তারা বলেন, পরিস্থিতি নিয়ন্ত্রণে আনতে সব ধরনের প্রস্তুতি নেওয়া হয়েছে। স্থানীয় বাসিন্দারা জানান, তারা দীর্ঘদিন ধরে এ সমস্যার সমাধান চেয়ে আসছেন। সরকারের পক্ষ থেকে জানানো হয়েছে, নির্ধারিত সময়ের মধ্যেই কাজ শেষ করা হবে এবং জনগণের স্বার্থ রক্ষায় সর্বোচ্চ গুরুত্ব দেওয়া হবে। রাজনৈতিক পরিস্থিতি ও সাম্প্রতিক ঘটনাপ্রবাহ নিয়ে বিস্তারিত প্রতিবেদন। সংশ্লিষ্ট সূত্রে জানা গেছে, বিভিন্ন পর্যায়ে আলোচনা চলছে এবং দ্রুত সিদ্ধান্ত আসতে পারে। এ বিষয়ে কর্মকর্তারা বলেন, পরিস্থিতি নিয়ন্ত্রণে আনতে সব ধরনের প্রস্তুতি নেওয়া হয়েছে। স্থানীয় বাসিন্দারা জানান, তারা দীর্ঘদিন ধরে এ সমস্যার সমাধান চেয়ে আসছেন। সরকারের পক্ষ থেকে জানানো হয়েছে, নির্ধারিত সময়ের মধ্যেই কাজ শেষ করা হবে এবং জনগণের স্বার্থ রক্ষায় সর্বোচ্চ গুরুত্ব দেওয়া হবে। রাজনৈতিক পরিস্থিতি ও সাম্প্রতিক ঘটনাপ্রবাহ নিয়ে বিস্তারিত প্রতিবেদন। সংশ্লিষ্ট সূত্রে জানা গেছে, বিভিন্ন পর্যায়ে আলোচনা চলছে এবং দ্রুত সিদ্ধান্ত আসতে পারে। এ বিষয়ে কর্মকর্তারা বলেন, পরিস্থিতি নিয়ন্ত্রণে আনতে সব ধরনের প্রস্তুতি নেওয়া হয়েছে। স্থানীয় বাসিন্দারা জানান, তারা দীর্ঘদিন ধরে এ সমস্যার সমাধান চেয়ে আসছেন। সরকারের পক্ষ থেকে জানানো হয়েছে,
দুটি শপথ নিলো জামায়াত ও ১১ দলের
শেষ পাতার পর
রাজনৈতিক পরিস্থিতি ও সাম্প্রতিক ঘটনাপ্রবাহ নিয়ে বিস্তারিত প্রতিবেদন। সংশ্লিষ্ট সূত্রে জানা গেছে, বিভিন্ন পর্যায়ে আলোচনা চলছে এবং দ্রুত সিদ্ধান্ত
